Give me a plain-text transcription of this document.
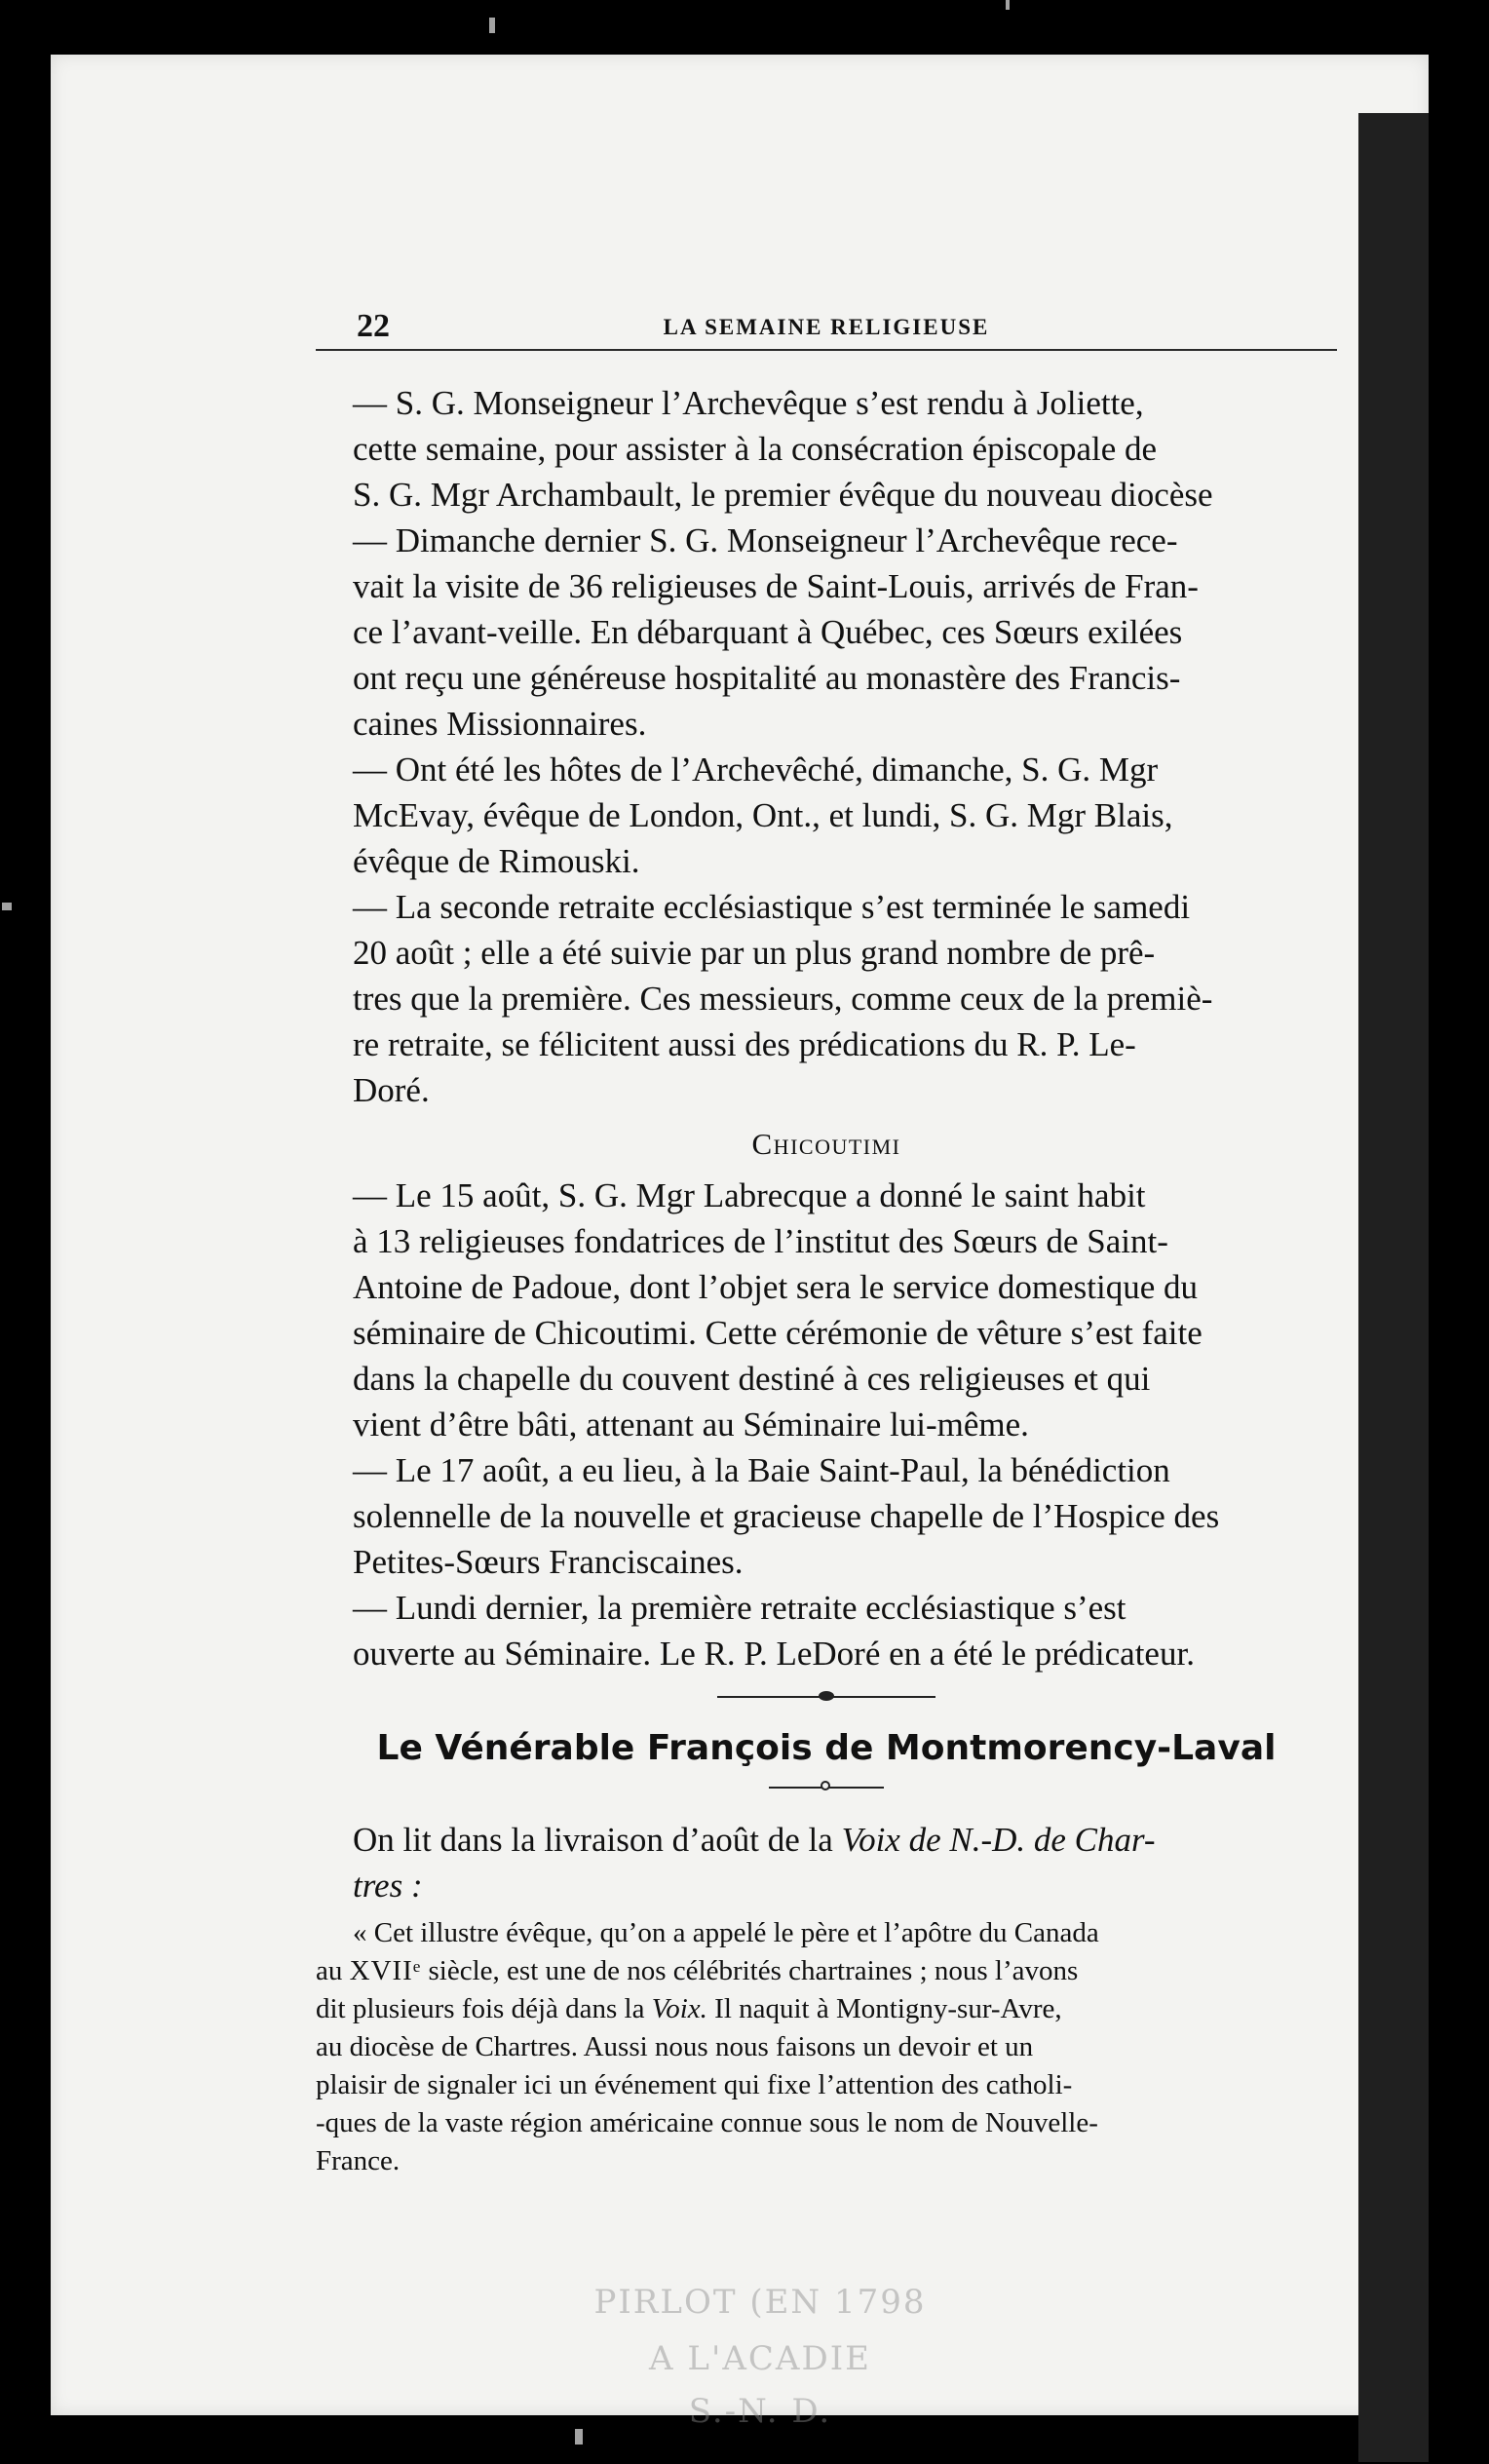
22	LA SEMAINE RELIGIEUSE
— S. G. Monseigneur l’Archevêque s’est rendu à Joliette,
cette semaine, pour assister à la consécration épiscopale de
S. G. Mgr Archambault, le premier évêque du nouveau diocèse
— Dimanche dernier S. G. Monseigneur l’Archevêque rece-
vait la visite de 36 religieuses de Saint-Louis, arrivés de Fran-
ce l’avant-veille. En débarquant à Québec, ces Sœurs exilées
ont reçu une généreuse hospitalité au monastère des Francis-
caines Missionnaires.
— Ont été les hôtes de l’Archevêché, dimanche, S. G. Mgr
McEvay, évêque de London, Ont., et lundi, S. G. Mgr Blais,
évêque de Rimouski.
— La seconde retraite ecclésiastique s’est terminée le samedi
20 août ; elle a été suivie par un plus grand nombre de prê-
tres que la première. Ces messieurs, comme ceux de la premiè-
re retraite, se félicitent aussi des prédications du R. P. Le-
Doré.
Chicoutimi
— Le 15 août, S. G. Mgr Labrecque a donné le saint habit
à 13 religieuses fondatrices de l’institut des Sœurs de Saint-
Antoine de Padoue, dont l’objet sera le service domestique du
séminaire de Chicoutimi. Cette cérémonie de vêture s’est faite
dans la chapelle du couvent destiné à ces religieuses et qui
vient d’être bâti, attenant au Séminaire lui-même.
— Le 17 août, a eu lieu, à la Baie Saint-Paul, la bénédiction
solennelle de la nouvelle et gracieuse chapelle de l’Hospice des
Petites-Sœurs Franciscaines.
— Lundi dernier, la première retraite ecclésiastique s’est
ouverte au Séminaire. Le R. P. LeDoré en a été le prédicateur.
Le Vénérable François de Montmorency-Laval
On lit dans la livraison d’août de la Voix de N.-D. de Char-
tres :
« Cet illustre évêque, qu’on a appelé le père et l’apôtre du Canada
au XVIIᵉ siècle, est une de nos célébrités chartraines ; nous l’avons
dit plusieurs fois déjà dans la Voix. Il naquit à Montigny-sur-Avre,
au diocèse de Chartres. Aussi nous nous faisons un devoir et un
plaisir de signaler ici un événement qui fixe l’attention des catholi-
-ques de la vaste région américaine connue sous le nom de Nouvelle-
France.
PIRLOT (EN 1798
A L'ACADIE
S.-N. D.
